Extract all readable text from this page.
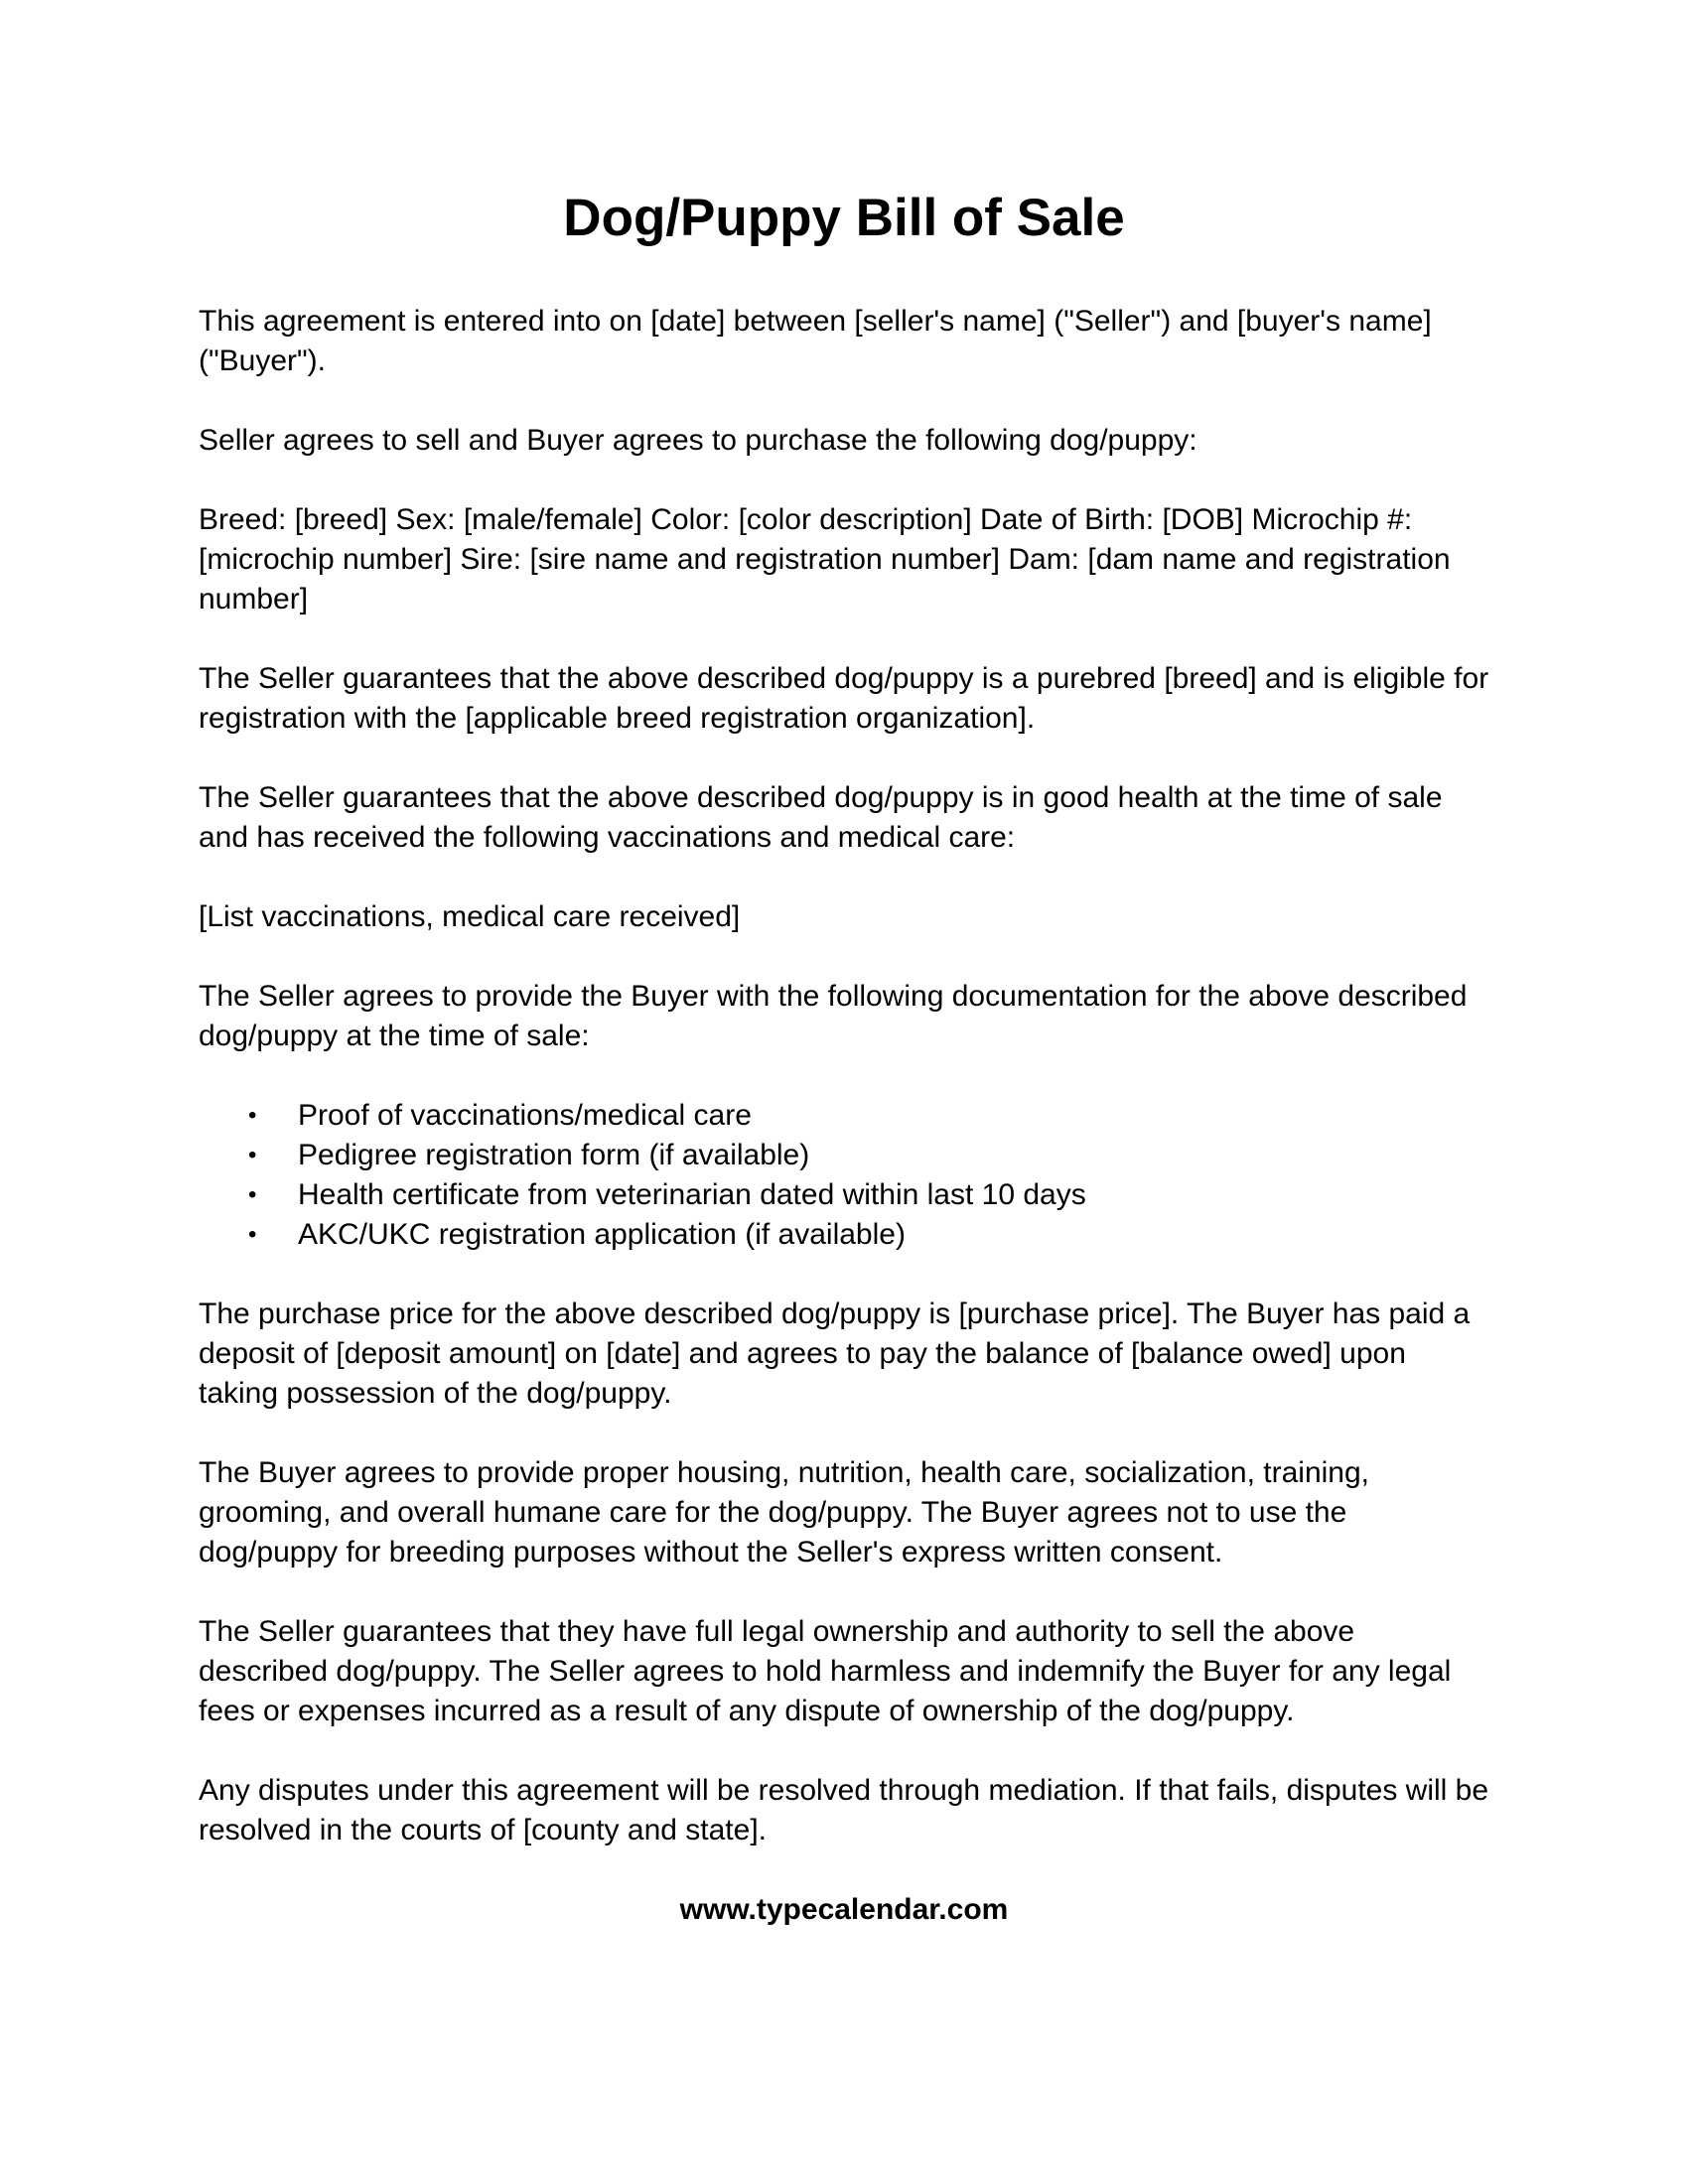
Dog/Puppy Bill of Sale

This agreement is entered into on [date] between [seller's name] ("Seller") and [buyer's name] ("Buyer").

Seller agrees to sell and Buyer agrees to purchase the following dog/puppy:

Breed: [breed] Sex: [male/female] Color: [color description] Date of Birth: [DOB] Microchip #: [microchip number] Sire: [sire name and registration number] Dam: [dam name and registration number]

The Seller guarantees that the above described dog/puppy is a purebred [breed] and is eligible for registration with the [applicable breed registration organization].

The Seller guarantees that the above described dog/puppy is in good health at the time of sale and has received the following vaccinations and medical care:

[List vaccinations, medical care received]

The Seller agrees to provide the Buyer with the following documentation for the above described dog/puppy at the time of sale:

• Proof of vaccinations/medical care
• Pedigree registration form (if available)
• Health certificate from veterinarian dated within last 10 days
• AKC/UKC registration application (if available)

The purchase price for the above described dog/puppy is [purchase price]. The Buyer has paid a deposit of [deposit amount] on [date] and agrees to pay the balance of [balance owed] upon taking possession of the dog/puppy.

The Buyer agrees to provide proper housing, nutrition, health care, socialization, training, grooming, and overall humane care for the dog/puppy. The Buyer agrees not to use the dog/puppy for breeding purposes without the Seller's express written consent.

The Seller guarantees that they have full legal ownership and authority to sell the above described dog/puppy. The Seller agrees to hold harmless and indemnify the Buyer for any legal fees or expenses incurred as a result of any dispute of ownership of the dog/puppy.

Any disputes under this agreement will be resolved through mediation. If that fails, disputes will be resolved in the courts of [county and state].

www.typecalendar.com
